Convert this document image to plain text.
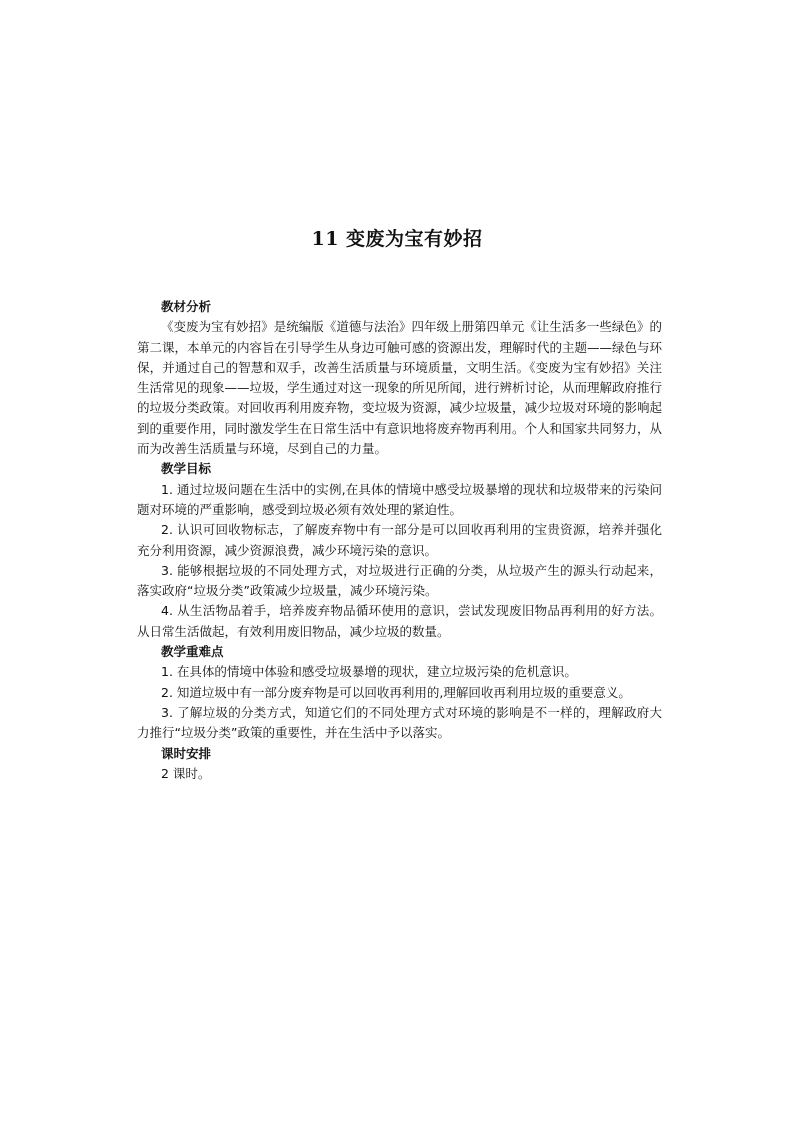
11 变废为宝有妙招

教材分析

《变废为宝有妙招》是统编版《道德与法治》四年级上册第四单元《让生活多一些绿色》的第二课，本单元的内容旨在引导学生从身边可触可感的资源出发，理解时代的主题——绿色与环保，并通过自己的智慧和双手，改善生活质量与环境质量，文明生活。《变废为宝有妙招》关注生活常见的现象——垃圾，学生通过对这一现象的所见所闻，进行辨析讨论，从而理解政府推行的垃圾分类政策。对回收再利用废弃物，变垃圾为资源，减少垃圾量，减少垃圾对环境的影响起到的重要作用，同时激发学生在日常生活中有意识地将废弃物再利用。个人和国家共同努力，从而为改善生活质量与环境，尽到自己的力量。

教学目标

1. 通过垃圾问题在生活中的实例,在具体的情境中感受垃圾暴增的现状和垃圾带来的污染问题对环境的严重影响，感受到垃圾必须有效处理的紧迫性。

2. 认识可回收物标志，了解废弃物中有一部分是可以回收再利用的宝贵资源，培养并强化充分利用资源，减少资源浪费，减少环境污染的意识。

3. 能够根据垃圾的不同处理方式，对垃圾进行正确的分类，从垃圾产生的源头行动起来，落实政府“垃圾分类”政策减少垃圾量，减少环境污染。

4. 从生活物品着手，培养废弃物品循环使用的意识，尝试发现废旧物品再利用的好方法。从日常生活做起，有效利用废旧物品，减少垃圾的数量。

教学重难点

1. 在具体的情境中体验和感受垃圾暴增的现状，建立垃圾污染的危机意识。

2. 知道垃圾中有一部分废弃物是可以回收再利用的,理解回收再利用垃圾的重要意义。

3. 了解垃圾的分类方式，知道它们的不同处理方式对环境的影响是不一样的，理解政府大力推行“垃圾分类”政策的重要性，并在生活中予以落实。

课时安排

2 课时。
